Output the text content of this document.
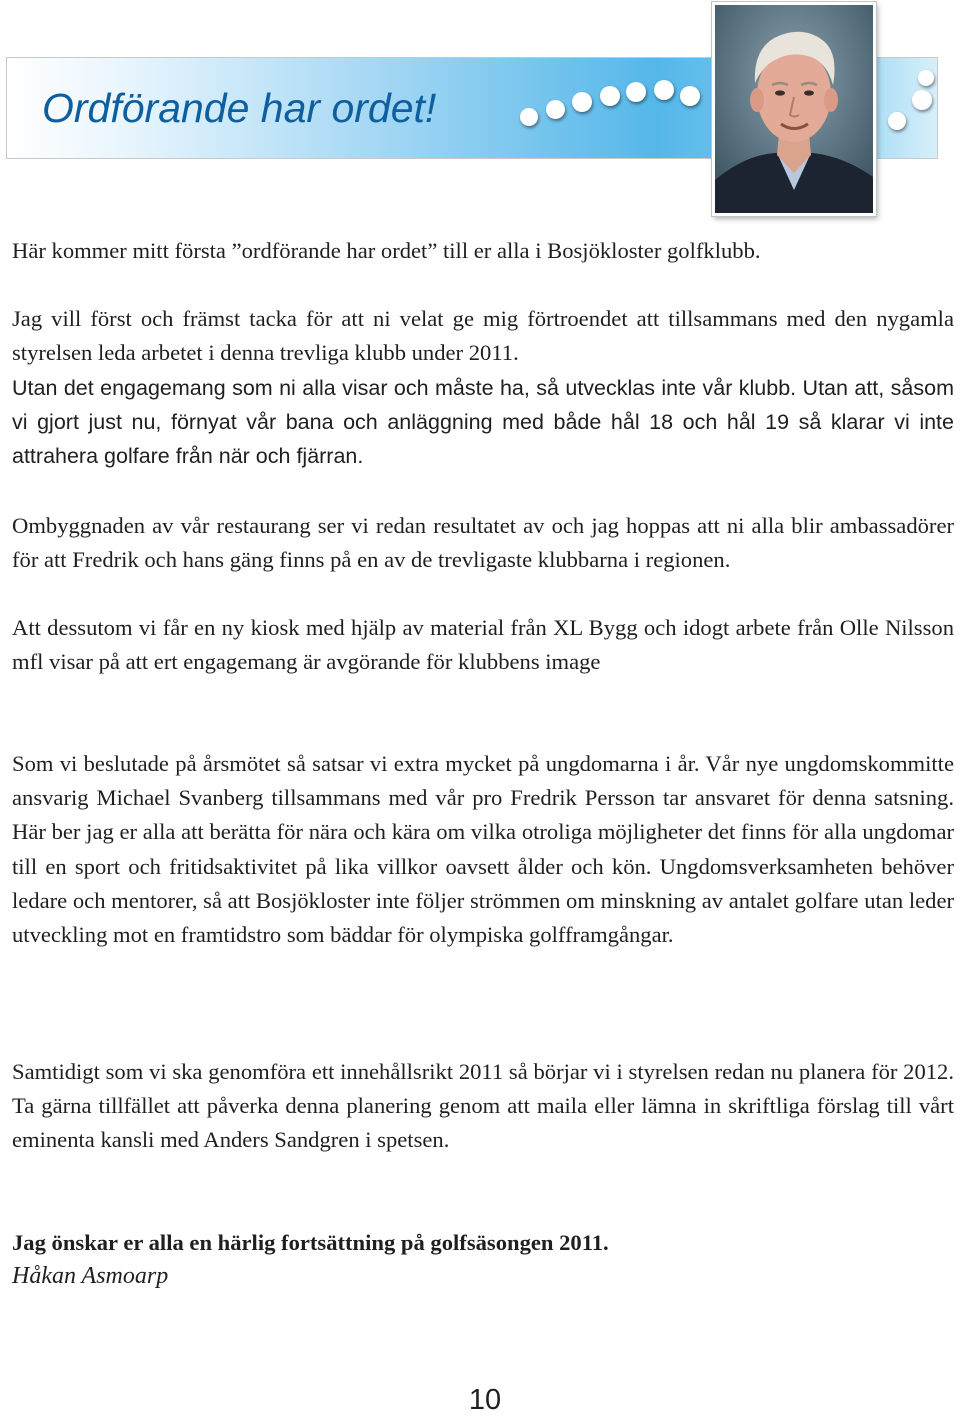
Ordförande har ordet!

Här kommer mitt första ”ordförande har ordet” till er alla i Bosjökloster golfklubb.

Jag vill först och främst tacka för att ni velat ge mig förtroendet att tillsammans med den nygamla styrelsen leda arbetet i denna trevliga klubb under 2011.

Utan det engagemang som ni alla visar och måste ha, så utvecklas inte vår klubb. Utan att, såsom vi gjort just nu, förnyat vår bana och anläggning med både hål 18 och hål 19 så klarar vi inte attrahera golfare från när och fjärran.

Ombyggnaden av vår restaurang ser vi redan resultatet av och jag hoppas att ni alla blir ambassadörer för att Fredrik och hans gäng finns på en av de trevligaste klubbarna i regionen.

Att dessutom vi får en ny kiosk med hjälp av material från XL Bygg och idogt arbete från Olle Nilsson mfl visar på att ert engagemang är avgörande för klubbens image

Som vi beslutade på årsmötet så satsar vi extra mycket på ungdomarna i år. Vår nye ungdomskommitte ansvarig Michael Svanberg tillsammans med vår pro Fredrik Persson tar ansvaret för denna satsning. Här ber jag er alla att berätta för nära och kära om vilka otroliga möjligheter det finns för alla ungdomar till en sport och fritidsaktivitet på lika villkor oavsett ålder och kön. Ungdomsverksamheten behöver ledare och mentorer, så att Bosjökloster inte följer strömmen om minskning av antalet golfare utan leder utveckling mot en framtidstro som bäddar för olympiska golfframgångar.

Samtidigt som vi ska genomföra ett innehållsrikt 2011 så börjar vi i styrelsen redan nu planera för 2012. Ta gärna tillfället att påverka denna planering genom att maila eller lämna in skriftliga förslag till vårt eminenta kansli med Anders Sandgren i spetsen.

Jag önskar er alla en härlig fortsättning på golfsäsongen 2011.

Håkan Asmoarp

10
